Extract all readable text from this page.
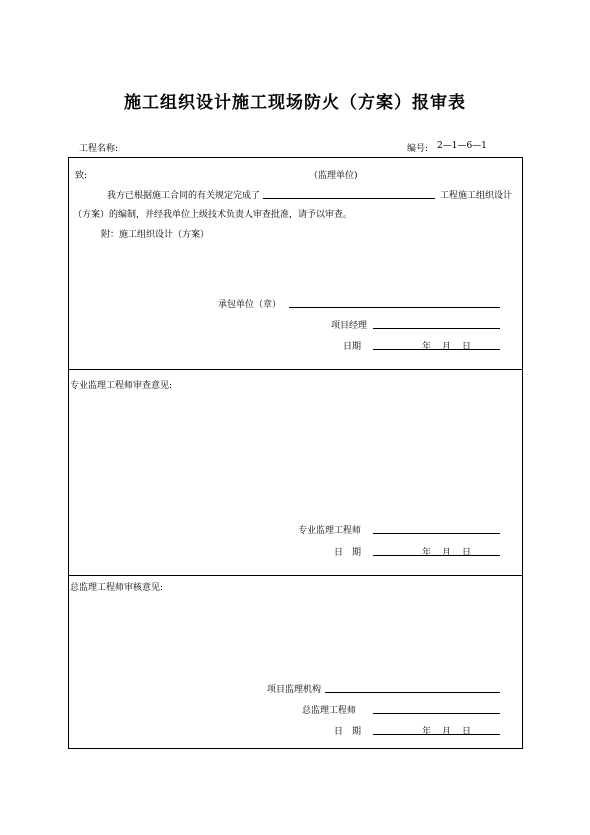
施工组织设计施工现场防火（方案）报审表
工程名称:	编号: 2—1—6—1
致:	（监理单位)
我方已根据施工合同的有关规定完成了	工程施工组织设计
（方案）的编制，并经我单位上级技术负责人审查批准，请予以审查。
附：施工组织设计（方案）
承包单位（章）
项目经理
日期	年 月 日
专业监理工程师审查意见:
专业监理工程师
日　期	年 月 日
总监理工程师审核意见:
项目监理机构
总监理工程师
日　期	年 月 日
